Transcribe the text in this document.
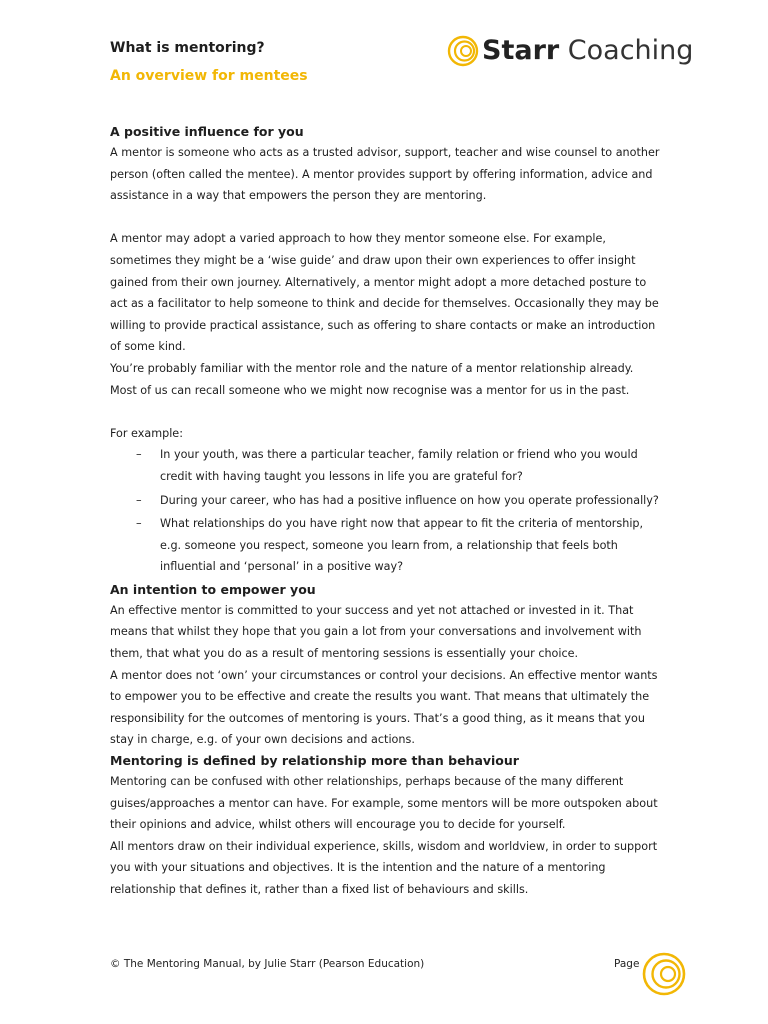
What is mentoring?
An overview for mentees
Starr Coaching
A positive influence for you

A mentor is someone who acts as a trusted advisor, support, teacher and wise counsel to another person (often called the mentee). A mentor provides support by offering information, advice and assistance in a way that empowers the person they are mentoring.

A mentor may adopt a varied approach to how they mentor someone else. For example, sometimes they might be a ‘wise guide’ and draw upon their own experiences to offer insight gained from their own journey. Alternatively, a mentor might adopt a more detached posture to act as a facilitator to help someone to think and decide for themselves. Occasionally they may be willing to provide practical assistance, such as offering to share contacts or make an introduction of some kind.

You’re probably familiar with the mentor role and the nature of a mentor relationship already. Most of us can recall someone who we might now recognise was a mentor for us in the past.

For example:

– In your youth, was there a particular teacher, family relation or friend who you would credit with having taught you lessons in life you are grateful for?
– During your career, who has had a positive influence on how you operate professionally?
– What relationships do you have right now that appear to fit the criteria of mentorship, e.g. someone you respect, someone you learn from, a relationship that feels both influential and ‘personal’ in a positive way?
An intention to empower you

An effective mentor is committed to your success and yet not attached or invested in it. That means that whilst they hope that you gain a lot from your conversations and involvement with them, that what you do as a result of mentoring sessions is essentially your choice.

A mentor does not ‘own’ your circumstances or control your decisions. An effective mentor wants to empower you to be effective and create the results you want. That means that ultimately the responsibility for the outcomes of mentoring is yours. That’s a good thing, as it means that you stay in charge, e.g. of your own decisions and actions.

Mentoring is defined by relationship more than behaviour

Mentoring can be confused with other relationships, perhaps because of the many different guises/approaches a mentor can have. For example, some mentors will be more outspoken about their opinions and advice, whilst others will encourage you to decide for yourself.

All mentors draw on their individual experience, skills, wisdom and worldview, in order to support you with your situations and objectives. It is the intention and the nature of a mentoring relationship that defines it, rather than a fixed list of behaviours and skills.

© The Mentoring Manual, by Julie Starr (Pearson Education)	Page
